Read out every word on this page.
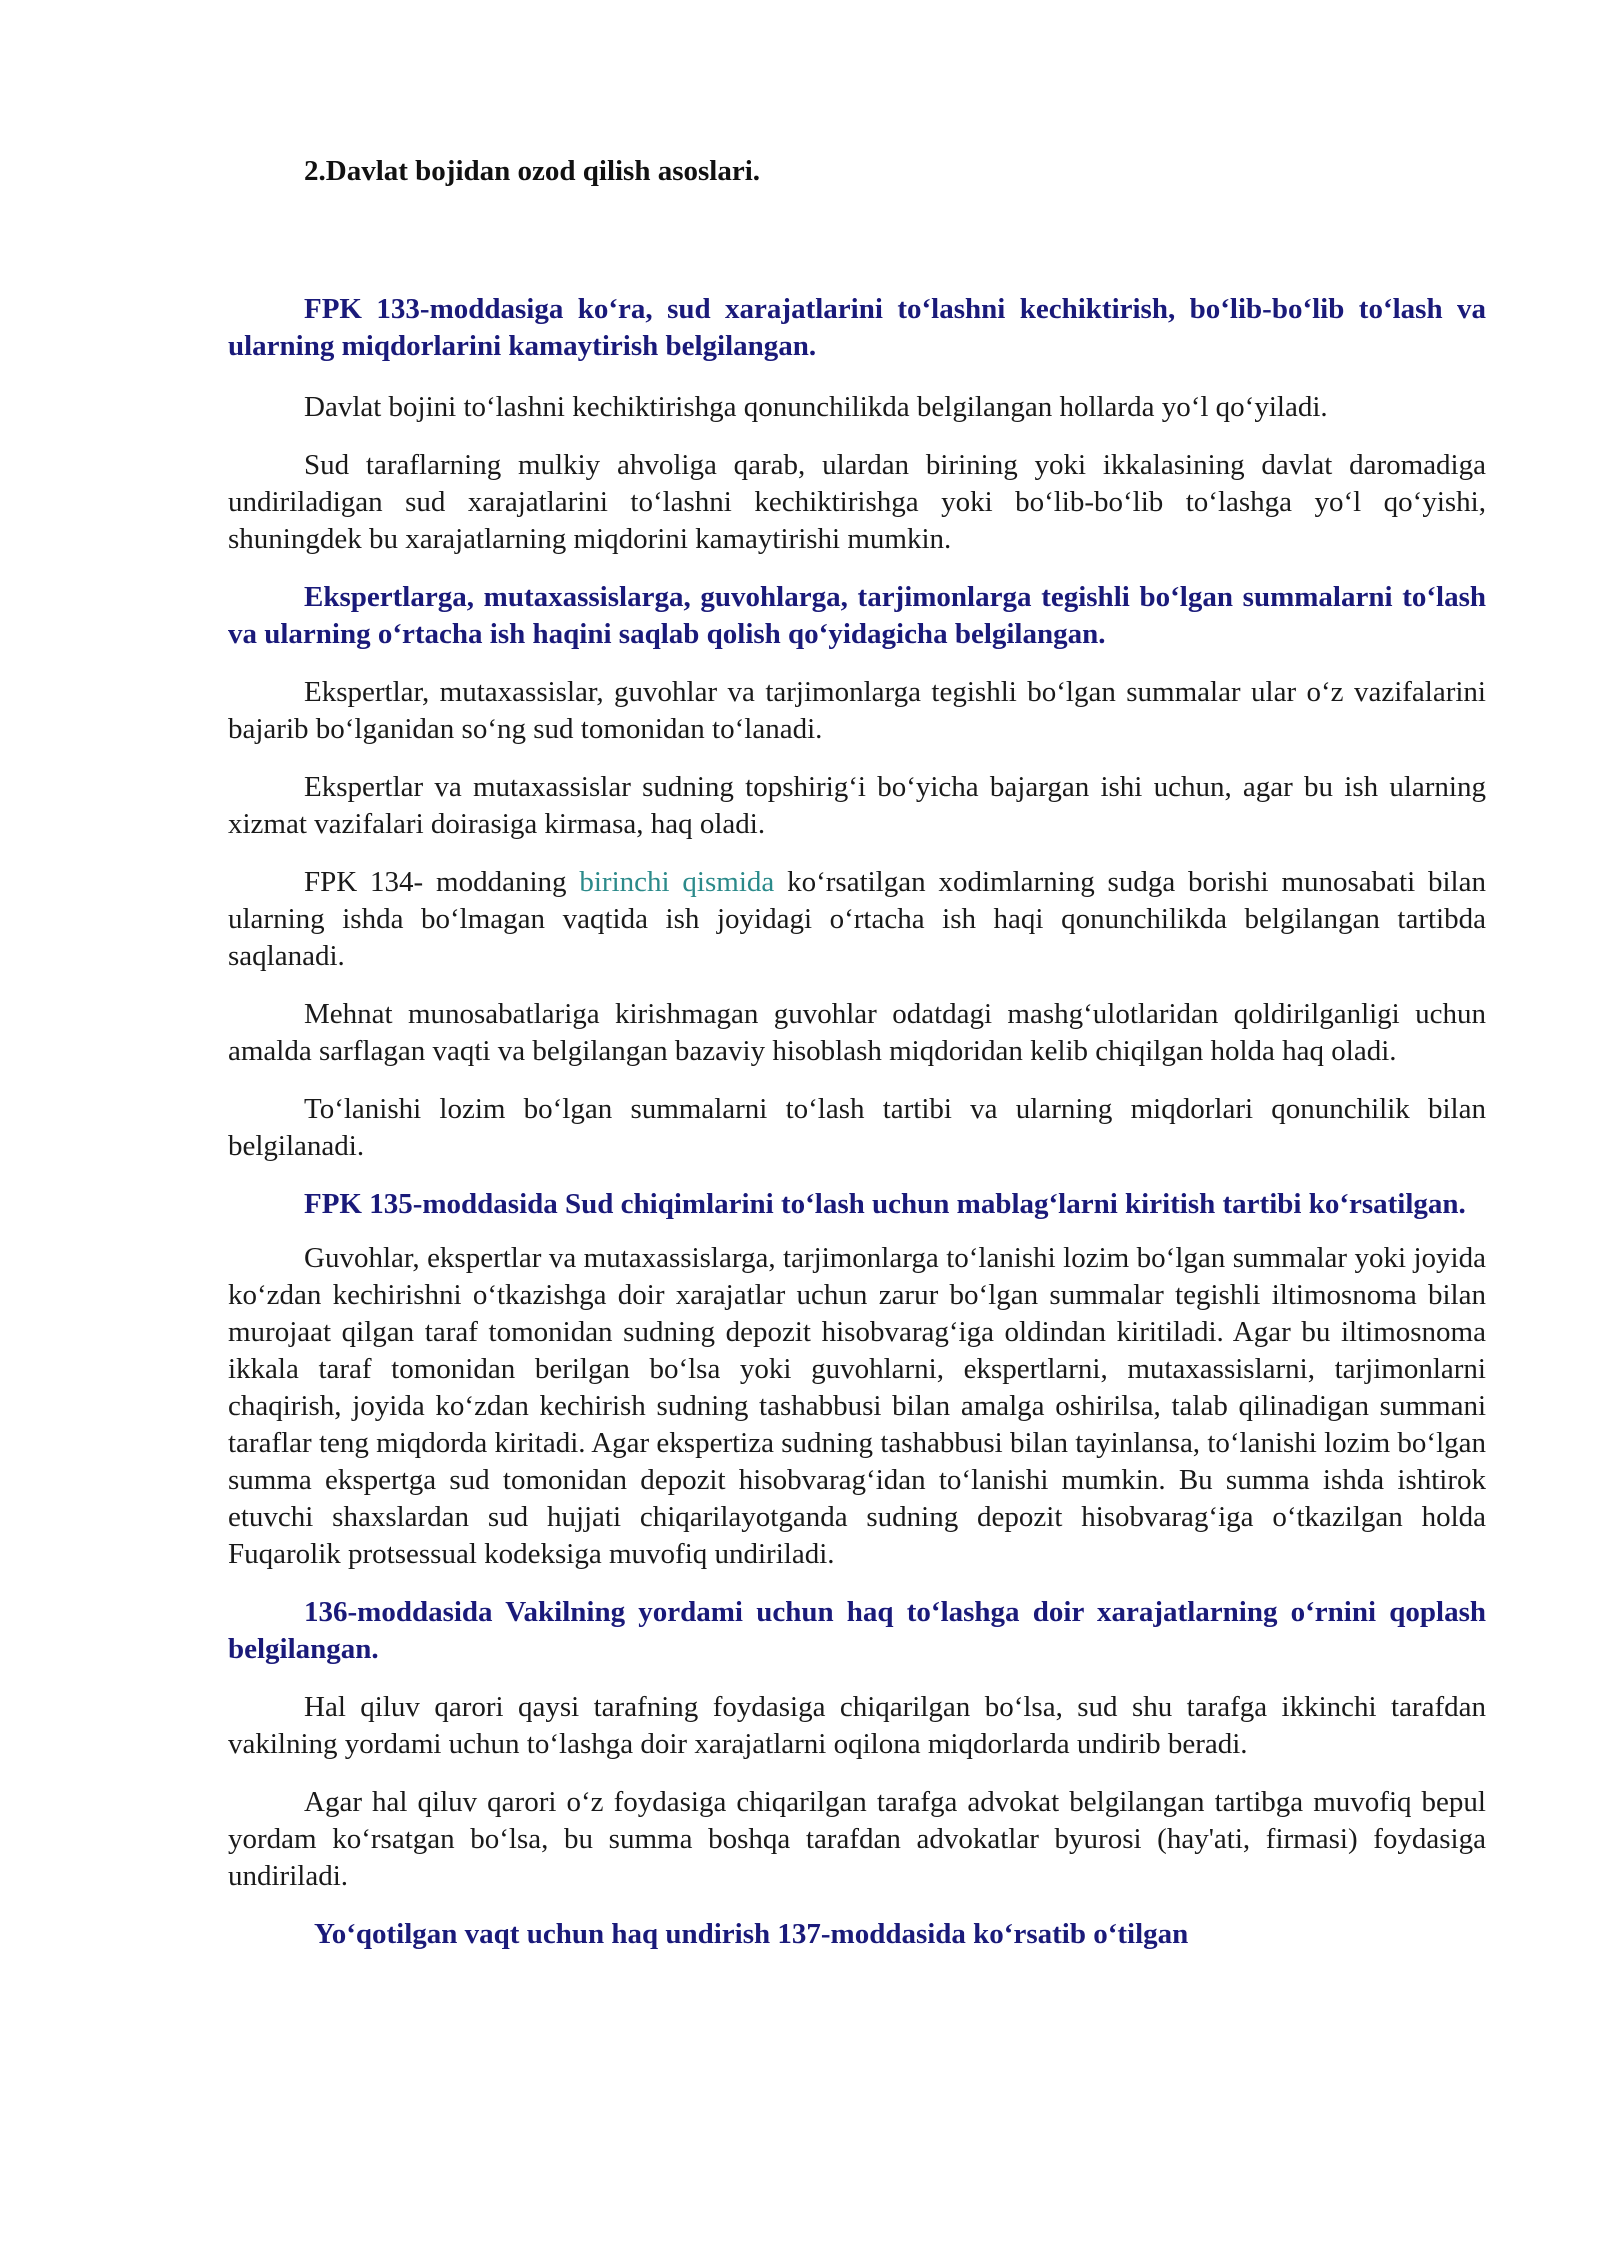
2.Davlat bojidan ozod qilish asoslari.

FPK 133-moddasiga ko‘ra, sud xarajatlarini to‘lashni kechiktirish, bo‘lib-bo‘lib to‘lash va ularning miqdorlarini kamaytirish belgilangan.

Davlat bojini to‘lashni kechiktirishga qonunchilikda belgilangan hollarda yo‘l qo‘yiladi.

Sud taraflarning mulkiy ahvoliga qarab, ulardan birining yoki ikkalasining davlat daromadiga undiriladigan sud xarajatlarini to‘lashni kechiktirishga yoki bo‘lib-bo‘lib to‘lashga yo‘l qo‘yishi, shuningdek bu xarajatlarning miqdorini kamaytirishi mumkin.

Ekspertlarga, mutaxassislarga, guvohlarga, tarjimonlarga tegishli bo‘lgan summalarni to‘lash va ularning o‘rtacha ish haqini saqlab qolish qo‘yidagicha belgilangan.

Ekspertlar, mutaxassislar, guvohlar va tarjimonlarga tegishli bo‘lgan summalar ular o‘z vazifalarini bajarib bo‘lganidan so‘ng sud tomonidan to‘lanadi.

Ekspertlar va mutaxassislar sudning topshirig‘i bo‘yicha bajargan ishi uchun, agar bu ish ularning xizmat vazifalari doirasiga kirmasa, haq oladi.

FPK 134- moddaning birinchi qismida ko‘rsatilgan xodimlarning sudga borishi munosabati bilan ularning ishda bo‘lmagan vaqtida ish joyidagi o‘rtacha ish haqi qonunchilikda belgilangan tartibda saqlanadi.

Mehnat munosabatlariga kirishmagan guvohlar odatdagi mashg‘ulotlaridan qoldirilganligi uchun amalda sarflagan vaqti va belgilangan bazaviy hisoblash miqdoridan kelib chiqilgan holda haq oladi.

To‘lanishi lozim bo‘lgan summalarni to‘lash tartibi va ularning miqdorlari qonunchilik bilan belgilanadi.

FPK 135-moddasida Sud chiqimlarini to‘lash uchun mablag‘larni kiritish tartibi ko‘rsatilgan.

Guvohlar, ekspertlar va mutaxassislarga, tarjimonlarga to‘lanishi lozim bo‘lgan summalar yoki joyida ko‘zdan kechirishni o‘tkazishga doir xarajatlar uchun zarur bo‘lgan summalar tegishli iltimosnoma bilan murojaat qilgan taraf tomonidan sudning depozit hisobvarag‘iga oldindan kiritiladi. Agar bu iltimosnoma ikkala taraf tomonidan berilgan bo‘lsa yoki guvohlarni, ekspertlarni, mutaxassislarni, tarjimonlarni chaqirish, joyida ko‘zdan kechirish sudning tashabbusi bilan amalga oshirilsa, talab qilinadigan summani taraflar teng miqdorda kiritadi. Agar ekspertiza sudning tashabbusi bilan tayinlansa, to‘lanishi lozim bo‘lgan summa ekspertga sud tomonidan depozit hisobvarag‘idan to‘lanishi mumkin. Bu summa ishda ishtirok etuvchi shaxslardan sud hujjati chiqarilayotganda sudning depozit hisobvarag‘iga o‘tkazilgan holda Fuqarolik protsessual kodeksiga muvofiq undiriladi.

136-moddasida Vakilning yordami uchun haq to‘lashga doir xarajatlarning o‘rnini qoplash belgilangan.

Hal qiluv qarori qaysi tarafning foydasiga chiqarilgan bo‘lsa, sud shu tarafga ikkinchi tarafdan vakilning yordami uchun to‘lashga doir xarajatlarni oqilona miqdorlarda undirib beradi.

Agar hal qiluv qarori o‘z foydasiga chiqarilgan tarafga advokat belgilangan tartibga muvofiq bepul yordam ko‘rsatgan bo‘lsa, bu summa boshqa tarafdan advokatlar byurosi (hay'ati, firmasi) foydasiga undiriladi.

Yo‘qotilgan vaqt uchun haq undirish 137-moddasida ko‘rsatib o‘tilgan
